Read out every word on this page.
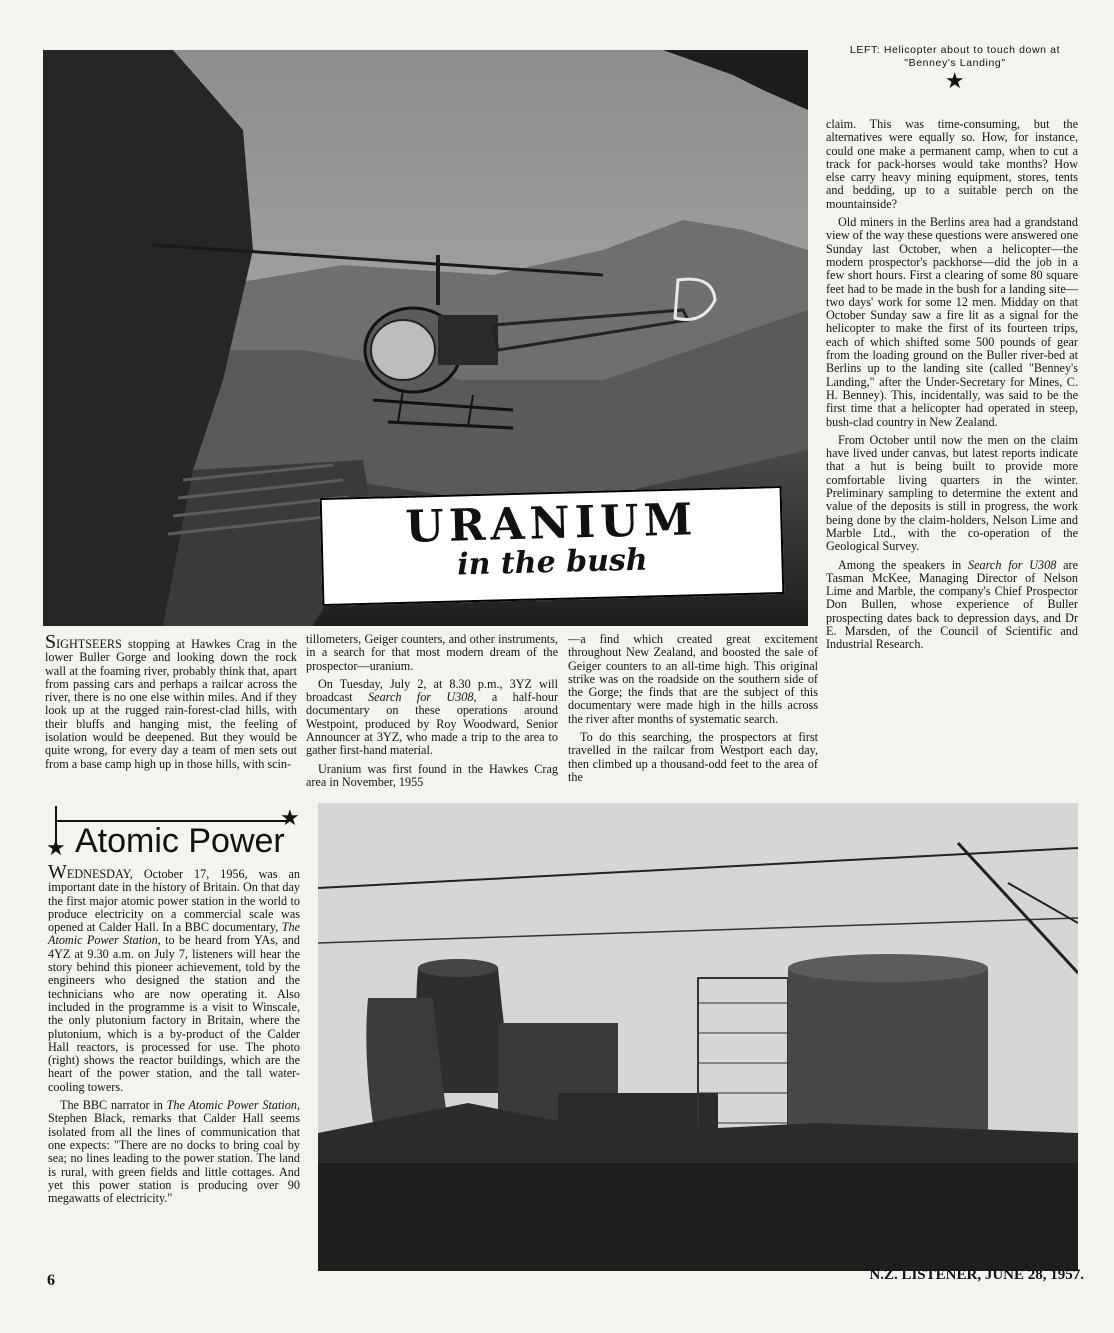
URANIUM
in the bush
LEFT: Helicopter about to touch down at
"Benney's Landing"
★

claim. This was time-consuming, but the alternatives were equally so. How, for instance, could one make a permanent camp, when to cut a track for pack-horses would take months? How else carry heavy mining equipment, stores, tents and bedding, up to a suitable perch on the mountainside?

Old miners in the Berlins area had a grandstand view of the way these questions were answered one Sunday last October, when a helicopter—the modern prospector's packhorse—did the job in a few short hours. First a clearing of some 80 square feet had to be made in the bush for a landing site—two days' work for some 12 men. Midday on that October Sunday saw a fire lit as a signal for the helicopter to make the first of its fourteen trips, each of which shifted some 500 pounds of gear from the loading ground on the Buller river-bed at Berlins up to the landing site (called "Benney's Landing," after the Under-Secretary for Mines, C. H. Benney). This, incidentally, was said to be the first time that a helicopter had operated in steep, bush-clad country in New Zealand.

From October until now the men on the claim have lived under canvas, but latest reports indicate that a hut is being built to provide more comfortable living quarters in the winter. Preliminary sampling to determine the extent and value of the deposits is still in progress, the work being done by the claim-holders, Nelson Lime and Marble Ltd., with the co-operation of the Geological Survey.

Among the speakers in Search for U308 are Tasman McKee, Managing Director of Nelson Lime and Marble, the company's Chief Prospector Don Bullen, whose experience of Buller prospecting dates back to depression days, and Dr E. Marsden, of the Council of Scientific and Industrial Research.

SIGHTSEERS stopping at Hawkes Crag in the lower Buller Gorge and looking down the rock wall at the foaming river, probably think that, apart from passing cars and perhaps a railcar across the river, there is no one else within miles. And if they look up at the rugged rain-forest-clad hills, with their bluffs and hanging mist, the feeling of isolation would be deepened. But they would be quite wrong, for every day a team of men sets out from a base camp high up in those hills, with scin-

tillometers, Geiger counters, and other instruments, in a search for that most modern dream of the prospector—uranium.

On Tuesday, July 2, at 8.30 p.m., 3YZ will broadcast Search for U308, a half-hour documentary on these operations around Westpoint, produced by Roy Woodward, Senior Announcer at 3YZ, who made a trip to the area to gather first-hand material.

Uranium was first found in the Hawkes Crag area in November, 1955

—a find which created great excitement throughout New Zealand, and boosted the sale of Geiger counters to an all-time high. This original strike was on the roadside on the southern side of the Gorge; the finds that are the subject of this documentary were made high in the hills across the river after months of systematic search.

To do this searching, the prospectors at first travelled in the railcar from Westport each day, then climbed up a thousand-odd feet to the area of the

★
★ Atomic Power

WEDNESDAY, October 17, 1956, was an important date in the history of Britain. On that day the first major atomic power station in the world to produce electricity on a commercial scale was opened at Calder Hall. In a BBC documentary, The Atomic Power Station, to be heard from YAs, and 4YZ at 9.30 a.m. on July 7, listeners will hear the story behind this pioneer achievement, told by the engineers who designed the station and the technicians who are now operating it. Also included in the programme is a visit to Winscale, the only plutonium factory in Britain, where the plutonium, which is a by-product of the Calder Hall reactors, is processed for use. The photo (right) shows the reactor buildings, which are the heart of the power station, and the tall water-cooling towers.

The BBC narrator in The Atomic Power Station, Stephen Black, remarks that Calder Hall seems isolated from all the lines of communication that one expects: "There are no docks to bring coal by sea; no lines leading to the power station. The land is rural, with green fields and little cottages. And yet this power station is producing over 90 megawatts of electricity."

6	N.Z. LISTENER, JUNE 28, 1957.
